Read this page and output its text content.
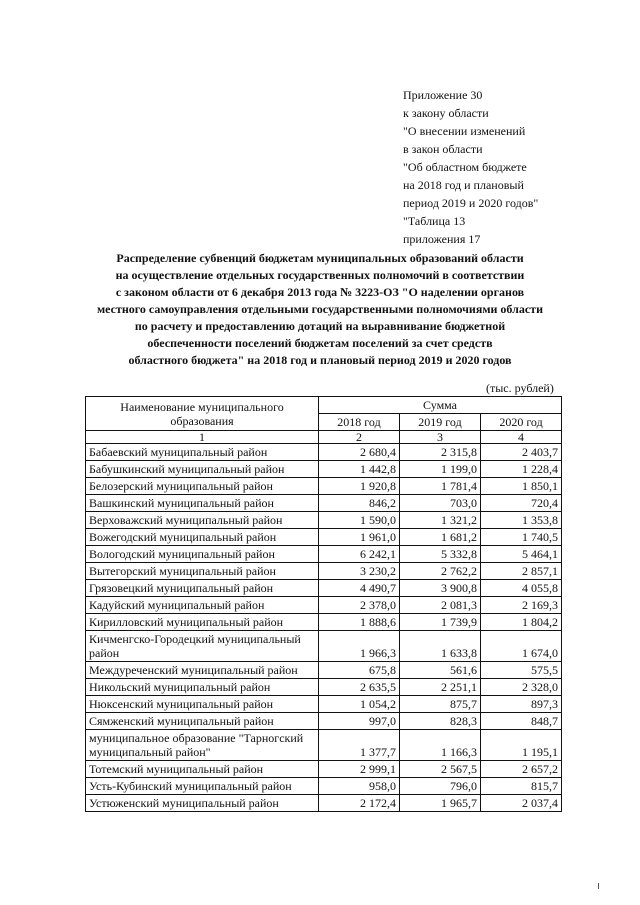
Приложение 30
к закону области
"О внесении изменений
в закон области
"Об областном бюджете
на 2018 год и плановый
период 2019 и 2020 годов"
"Таблица 13
приложения 17
Распределение субвенций бюджетам муниципальных образований области
на осуществление отдельных государственных полномочий в соответствии
с законом области от 6 декабря 2013 года № 3223-ОЗ "О наделении органов
местного самоуправления отдельными государственными полномочиями области
по расчету и предоставлению дотаций на выравнивание бюджетной
обеспеченности поселений бюджетам поселений за счет средств
областного бюджета" на 2018 год и плановый период 2019 и 2020 годов
(тыс. рублей)
Наименование муниципального образования	Сумма		
	2018 год	2019 год	2020 год
1	2	3	4
Бабаевский муниципальный район	2 680,4	2 315,8	2 403,7
Бабушкинский муниципальный район	1 442,8	1 199,0	1 228,4
Белозерский муниципальный район	1 920,8	1 781,4	1 850,1
Вашкинский муниципальный район	846,2	703,0	720,4
Верховажский муниципальный район	1 590,0	1 321,2	1 353,8
Вожегодский муниципальный район	1 961,0	1 681,2	1 740,5
Вологодский муниципальный район	6 242,1	5 332,8	5 464,1
Вытегорский муниципальный район	3 230,2	2 762,2	2 857,1
Грязовецкий муниципальный район	4 490,7	3 900,8	4 055,8
Кадуйский муниципальный район	2 378,0	2 081,3	2 169,3
Кирилловский муниципальный район	1 888,6	1 739,9	1 804,2
Кичменгско-Городецкий муниципальный район	1 966,3	1 633,8	1 674,0
Междуреченский муниципальный район	675,8	561,6	575,5
Никольский муниципальный район	2 635,5	2 251,1	2 328,0
Нюксенский муниципальный район	1 054,2	875,7	897,3
Сямженский муниципальный район	997,0	828,3	848,7
муниципальное образование "Тарногский муниципальный район"	1 377,7	1 166,3	1 195,1
Тотемский муниципальный район	2 999,1	2 567,5	2 657,2
Усть-Кубинский муниципальный район	958,0	796,0	815,7
Устюженский муниципальный район	2 172,4	1 965,7	2 037,4
